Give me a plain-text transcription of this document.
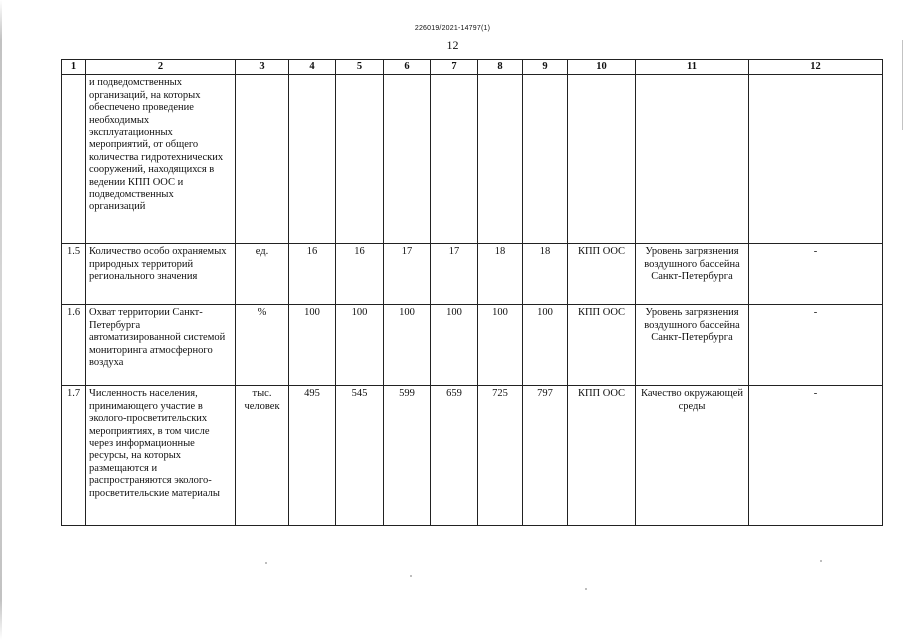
226019/2021-14797(1)
12
1	2	3	4	5	6	7	8	9	10	11	12
	и подведомственных организаций, на которых обеспечено проведение необходимых эксплуатационных мероприятий, от общего количества гидротехнических сооружений, находящихся в ведении КПП ООС и подведомственных организаций										
1.5	Количество особо охраняемых природных территорий регионального значения	ед.	16	16	17	17	18	18	КПП ООС	Уровень загрязнения воздушного бассейна Санкт-Петербурга	-
1.6	Охват территории Санкт-Петербурга автоматизированной системой мониторинга атмосферного воздуха	%	100	100	100	100	100	100	КПП ООС	Уровень загрязнения воздушного бассейна Санкт-Петербурга	-
1.7	Численность населения, принимающего участие в эколого-просветительских мероприятиях, в том числе через информационные ресурсы, на которых размещаются и распространяются эколого-просветительские материалы	тыс. человек	495	545	599	659	725	797	КПП ООС	Качество окружающей среды	-
